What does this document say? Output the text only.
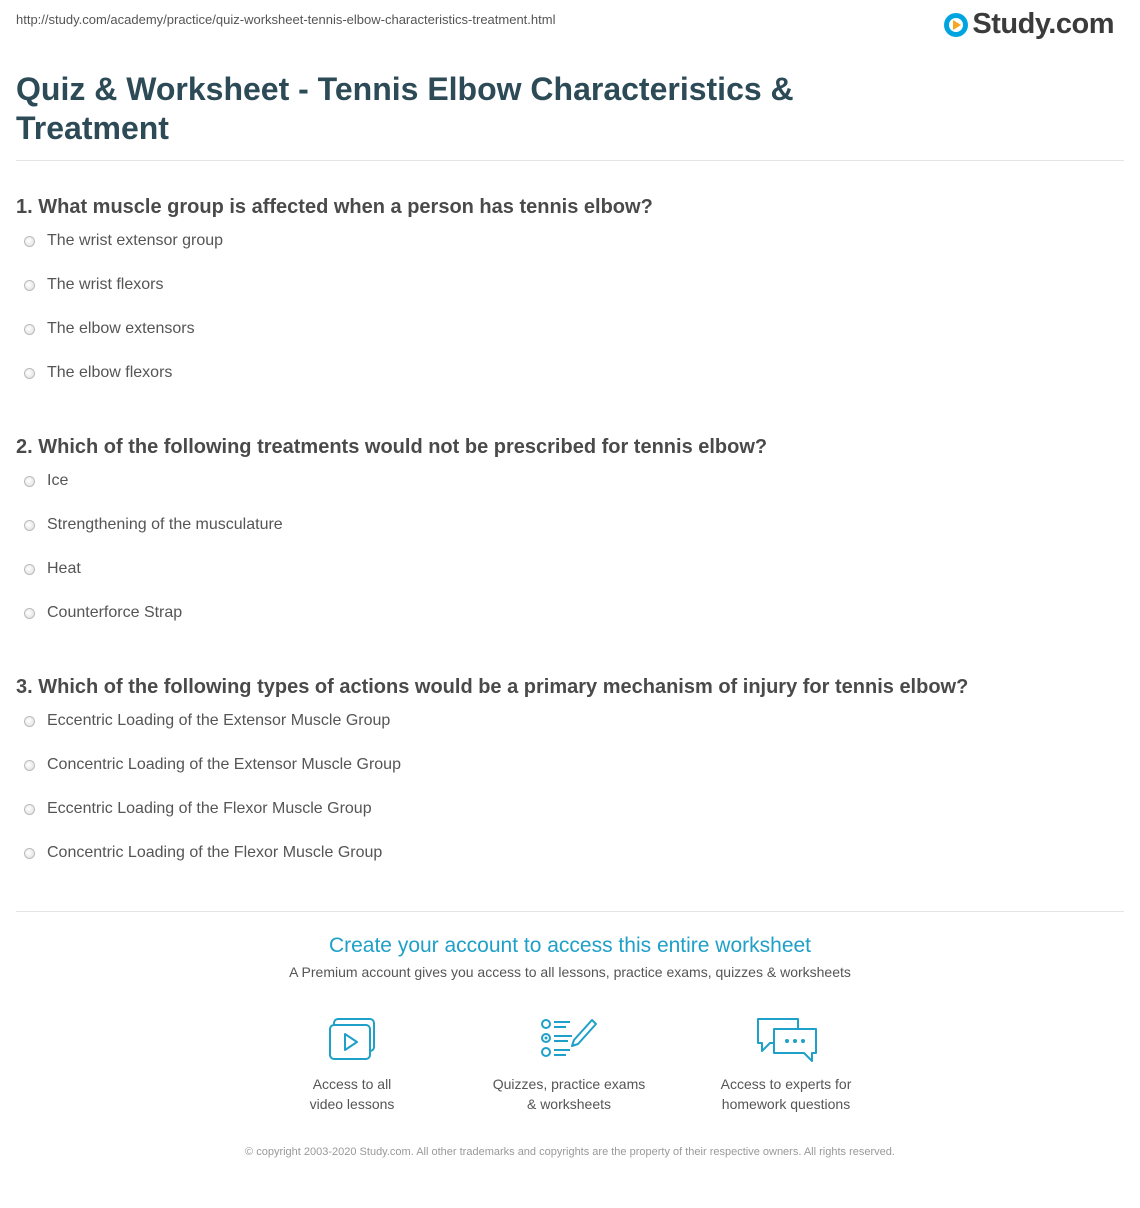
http://study.com/academy/practice/quiz-worksheet-tennis-elbow-characteristics-treatment.html	Study.com
Quiz & Worksheet - Tennis Elbow Characteristics & Treatment
1. What muscle group is affected when a person has tennis elbow?
The wrist extensor group
The wrist flexors
The elbow extensors
The elbow flexors
2. Which of the following treatments would not be prescribed for tennis elbow?
Ice
Strengthening of the musculature
Heat
Counterforce Strap
3. Which of the following types of actions would be a primary mechanism of injury for tennis elbow?
Eccentric Loading of the Extensor Muscle Group
Concentric Loading of the Extensor Muscle Group
Eccentric Loading of the Flexor Muscle Group
Concentric Loading of the Flexor Muscle Group
Create your account to access this entire worksheet
A Premium account gives you access to all lessons, practice exams, quizzes & worksheets
Access to all
video lessons
Quizzes, practice exams
& worksheets
Access to experts for
homework questions
© copyright 2003-2020 Study.com. All other trademarks and copyrights are the property of their respective owners. All rights reserved.
